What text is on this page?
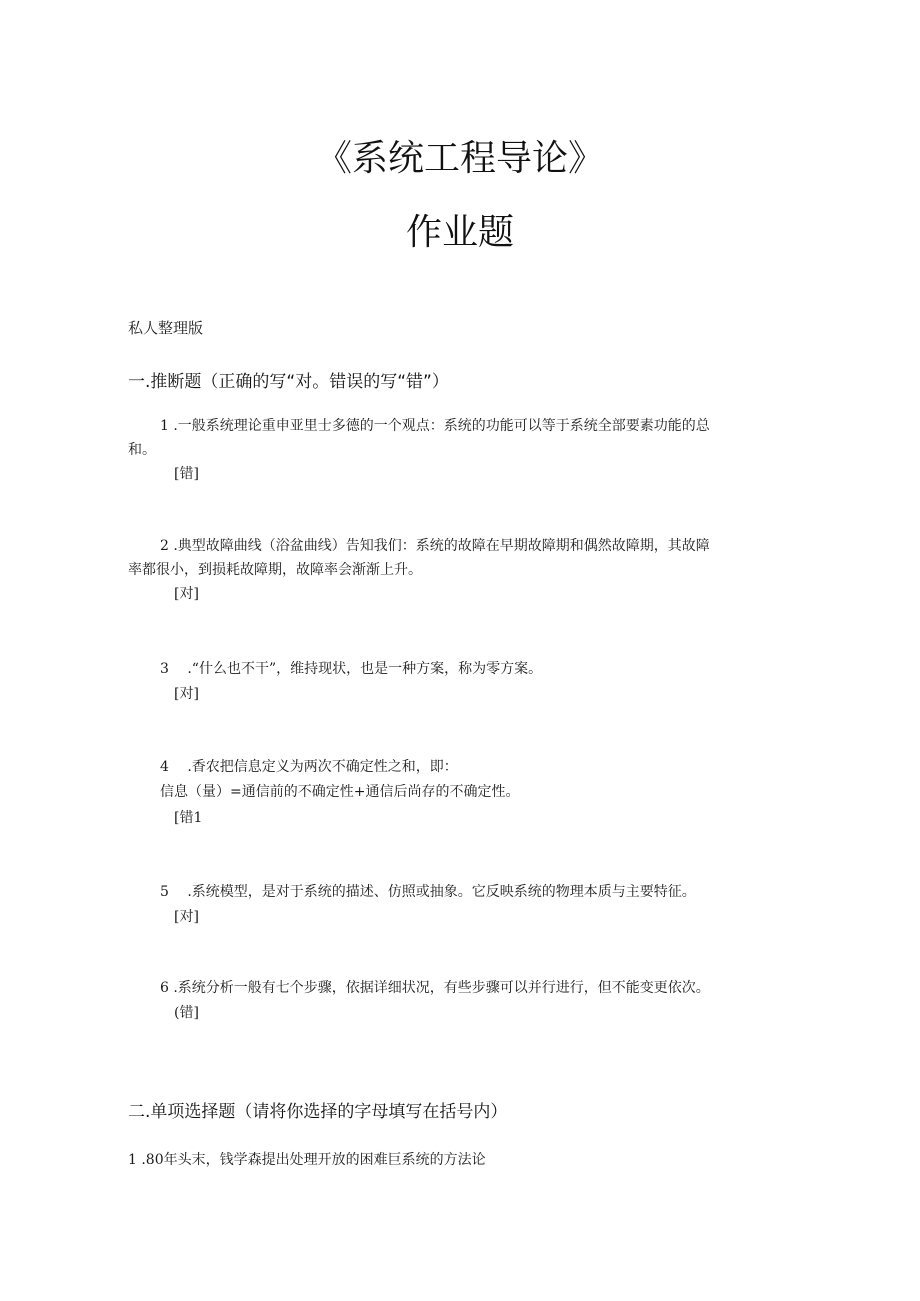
《系统工程导论》
作业题
私人整理版
一.推断题（正确的写“对。错误的写“错”）
1 .一般系统理论重申亚里士多德的一个观点：系统的功能可以等于系统全部要素功能的总
和。
[错]
2 .典型故障曲线（浴盆曲线）告知我们：系统的故障在早期故障期和偶然故障期，其故障
率都很小，到损耗故障期，故障率会渐渐上升。
[对]
3　 .“什么也不干”，维持现状，也是一种方案，称为零方案。
[对]
4　 .香农把信息定义为两次不确定性之和，即：
信息（量）=通信前的不确定性+通信后尚存的不确定性。
[错1
5　 .系统模型，是对于系统的描述、仿照或抽象。它反映系统的物理本质与主要特征。
[对]
6 .系统分析一般有七个步骤，依据详细状况，有些步骤可以并行进行，但不能变更依次。
(错]
二.单项选择题（请将你选择的字母填写在括号内）
1 .80年头末，钱学森提出处理开放的困难巨系统的方法论
